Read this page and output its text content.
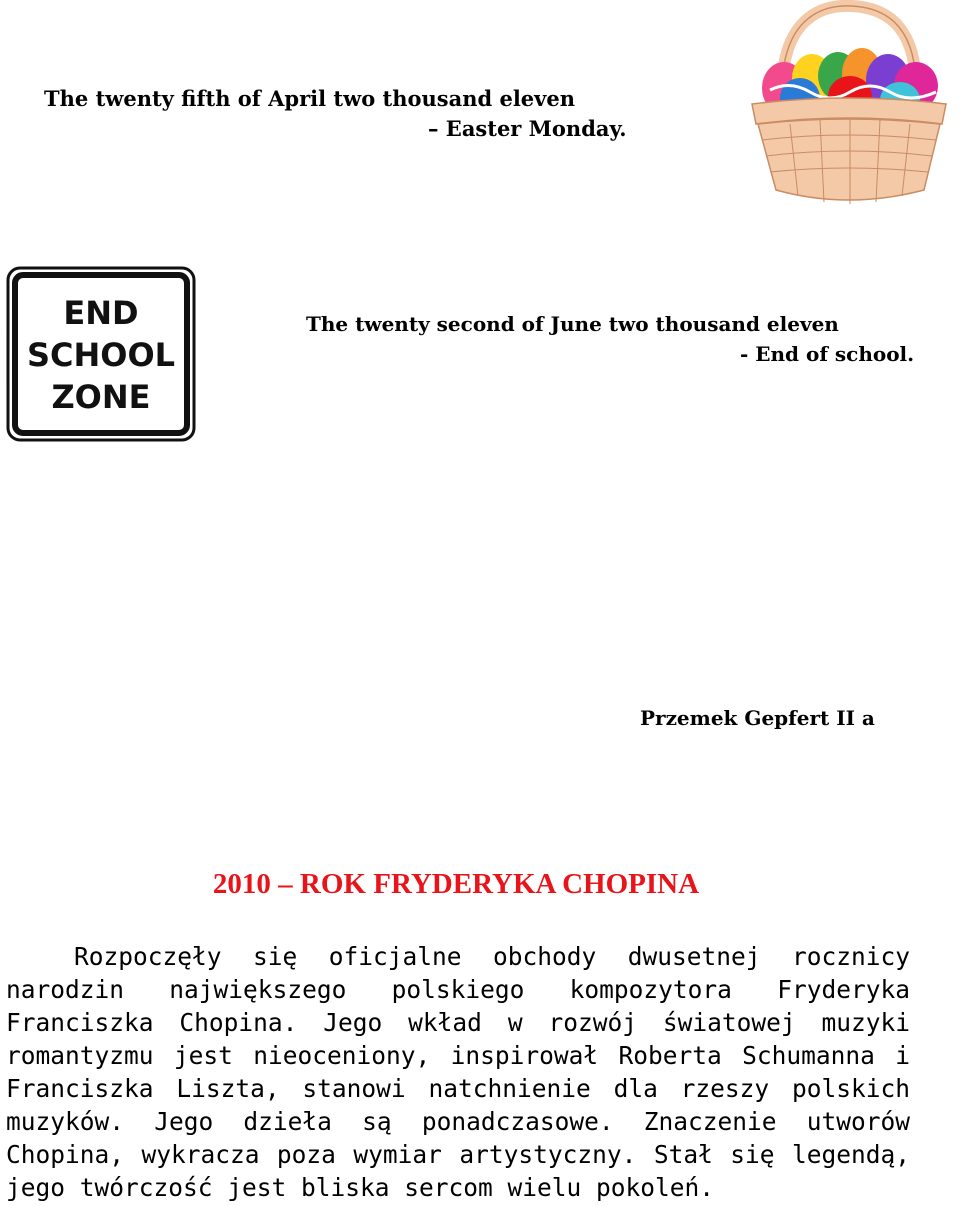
The twenty fifth of April two thousand eleven
– Easter Monday.
END
SCHOOL
ZONE
The twenty second of June two thousand eleven
- End of school.
Przemek Gepfert II a
2010 – ROK FRYDERYKA CHOPINA
Rozpoczęły się oficjalne obchody dwusetnej rocznicy
narodzin największego polskiego kompozytora Fryderyka
Franciszka Chopina. Jego wkład w rozwój światowej muzyki
romantyzmu jest nieoceniony, inspirował Roberta Schumanna i
Franciszka Liszta, stanowi natchnienie dla rzeszy polskich
muzyków. Jego dzieła są ponadczasowe. Znaczenie utworów
Chopina, wykracza poza wymiar artystyczny. Stał się legendą,
jego twórczość jest bliska sercom wielu pokoleń.
